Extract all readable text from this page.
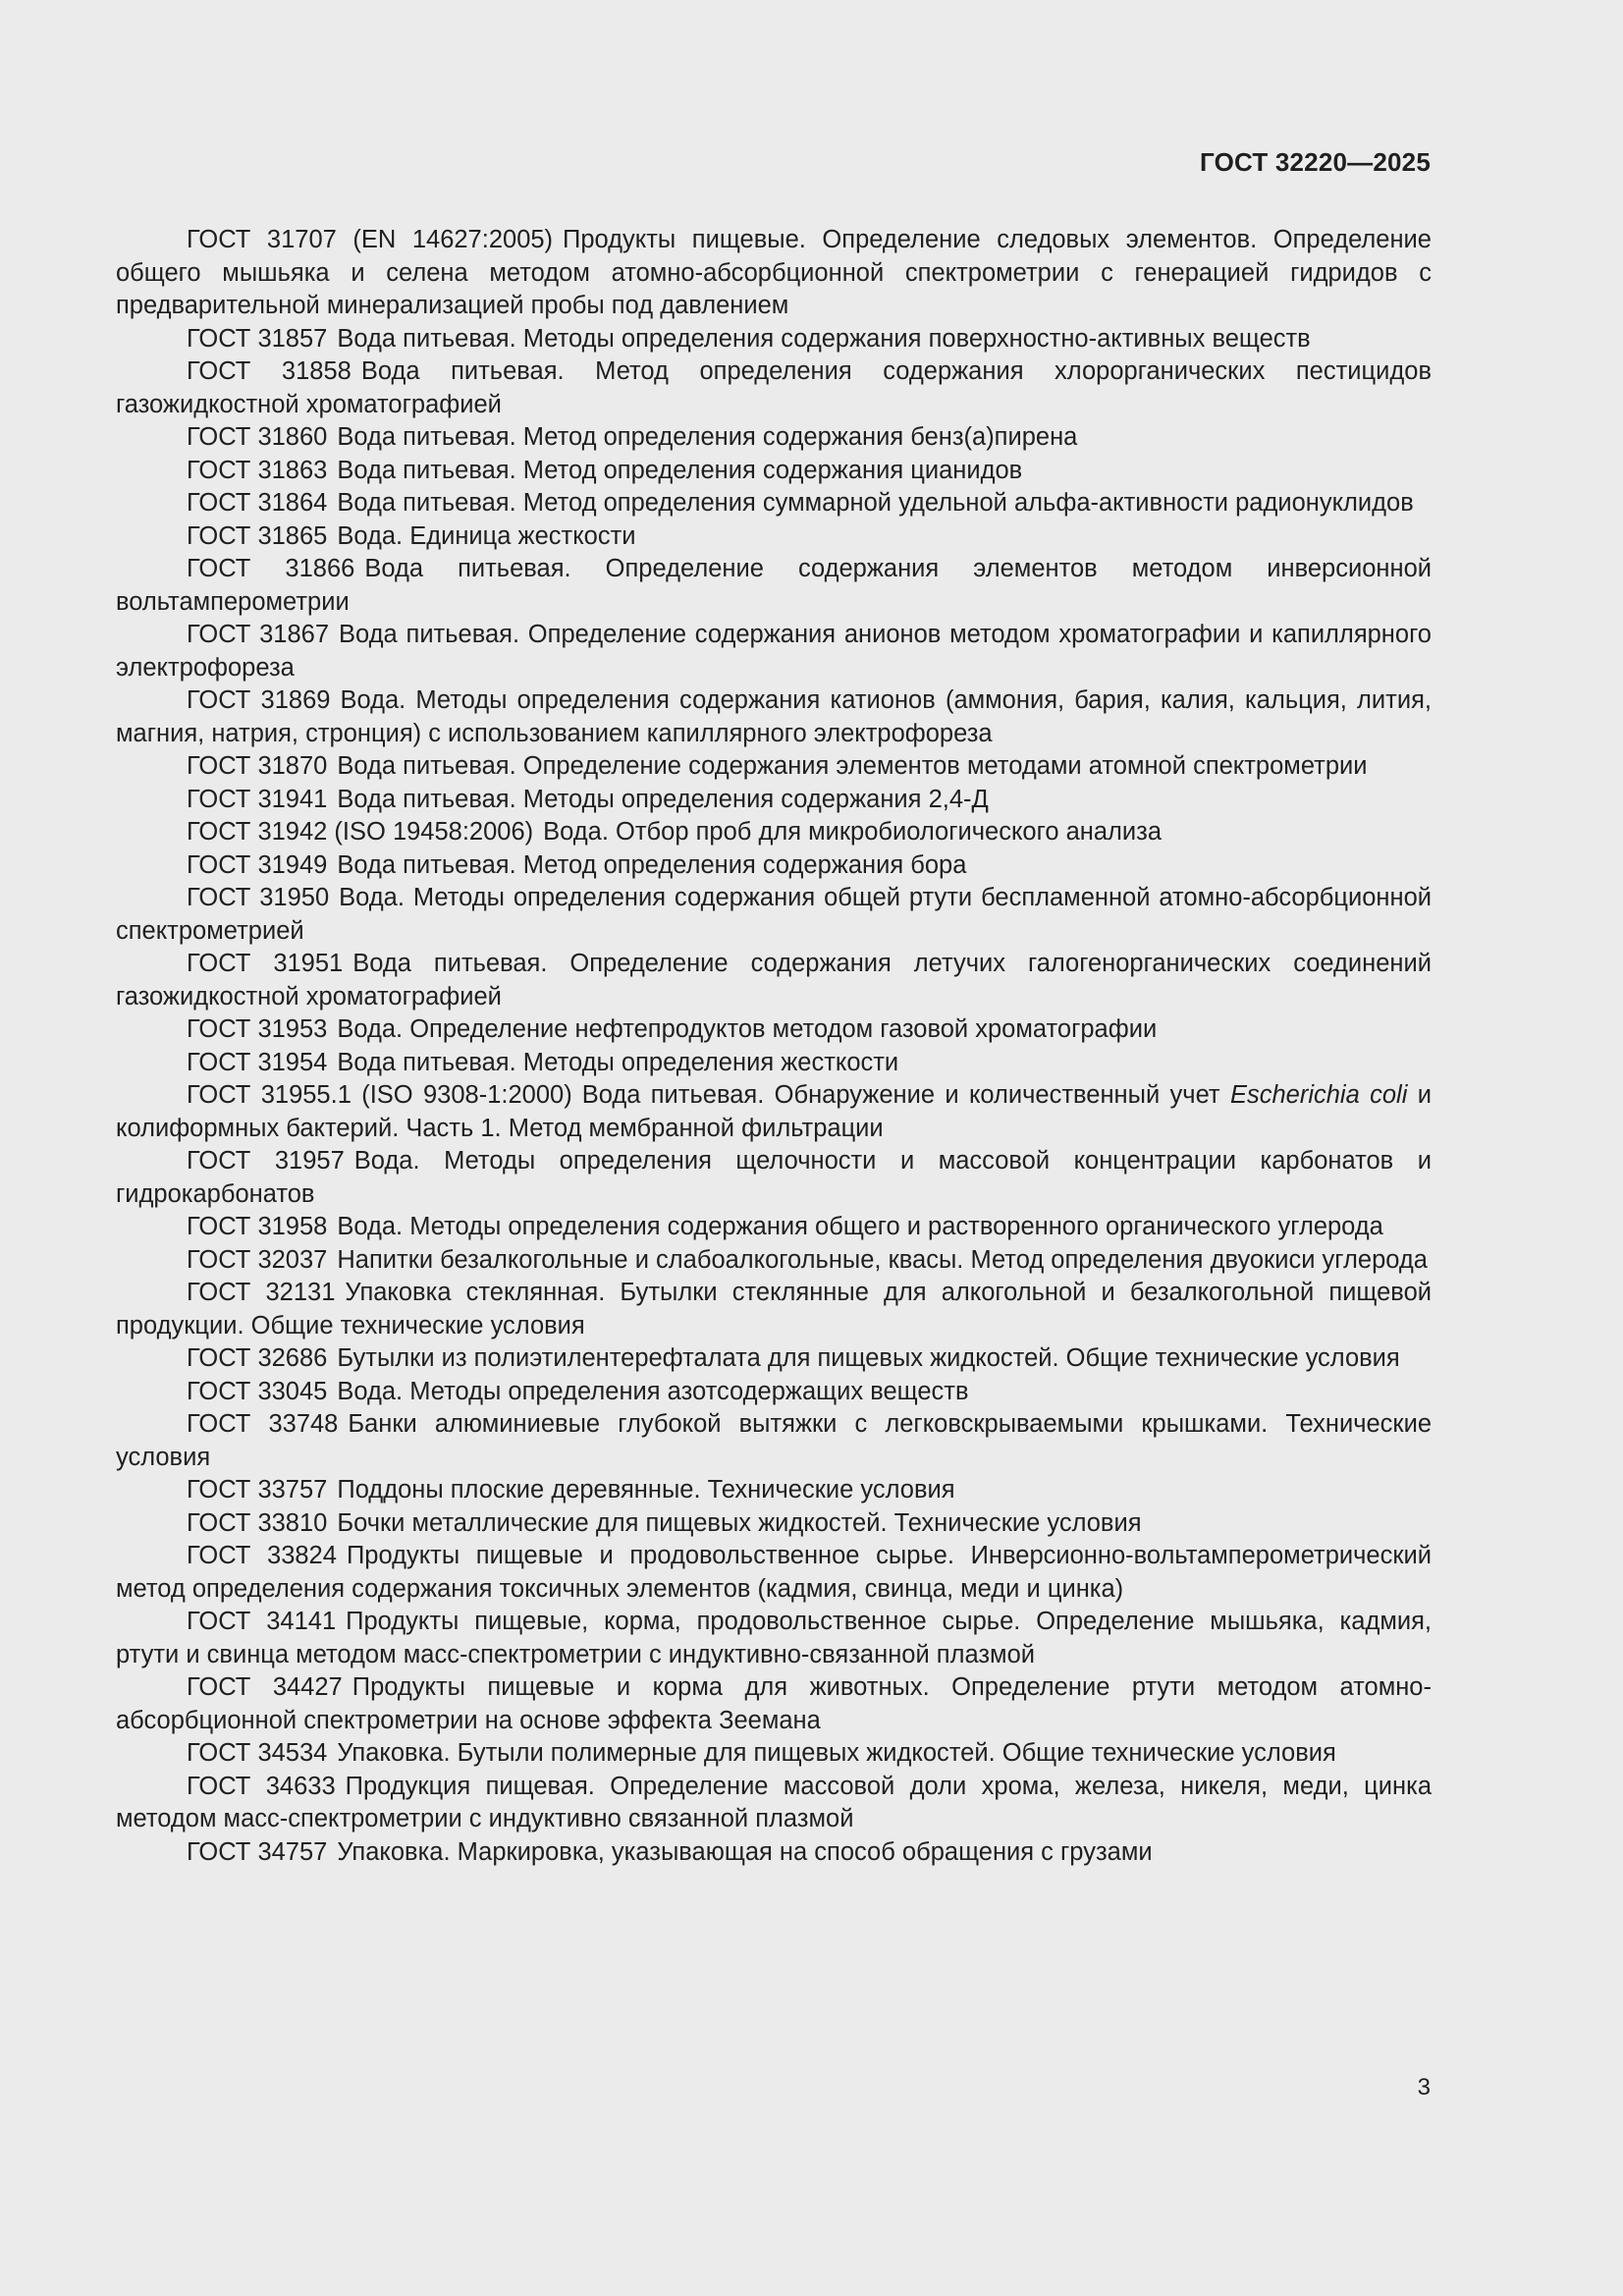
ГОСТ 32220—2025

ГОСТ 31707 (EN 14627:2005) Продукты пищевые. Определение следовых элементов. Определение общего мышьяка и селена методом атомно-абсорбционной спектрометрии с генерацией гидридов с предварительной минерализацией пробы под давлением

ГОСТ 31857 Вода питьевая. Методы определения содержания поверхностно-активных веществ

ГОСТ 31858 Вода питьевая. Метод определения содержания хлорорганических пестицидов газожидкостной хроматографией

ГОСТ 31860 Вода питьевая. Метод определения содержания бенз(а)пирена

ГОСТ 31863 Вода питьевая. Метод определения содержания цианидов

ГОСТ 31864 Вода питьевая. Метод определения суммарной удельной альфа-активности радионуклидов

ГОСТ 31865 Вода. Единица жесткости

ГОСТ 31866 Вода питьевая. Определение содержания элементов методом инверсионной вольтамперометрии

ГОСТ 31867 Вода питьевая. Определение содержания анионов методом хроматографии и капиллярного электрофореза

ГОСТ 31869 Вода. Методы определения содержания катионов (аммония, бария, калия, кальция, лития, магния, натрия, стронция) с использованием капиллярного электрофореза

ГОСТ 31870 Вода питьевая. Определение содержания элементов методами атомной спектрометрии

ГОСТ 31941 Вода питьевая. Методы определения содержания 2,4-Д

ГОСТ 31942 (ISO 19458:2006) Вода. Отбор проб для микробиологического анализа

ГОСТ 31949 Вода питьевая. Метод определения содержания бора

ГОСТ 31950 Вода. Методы определения содержания общей ртути беспламенной атомно-абсорбционной спектрометрией

ГОСТ 31951 Вода питьевая. Определение содержания летучих галогенорганических соединений газожидкостной хроматографией

ГОСТ 31953 Вода. Определение нефтепродуктов методом газовой хроматографии

ГОСТ 31954 Вода питьевая. Методы определения жесткости

ГОСТ 31955.1 (ISO 9308-1:2000) Вода питьевая. Обнаружение и количественный учет Escherichia coli и колиформных бактерий. Часть 1. Метод мембранной фильтрации

ГОСТ 31957 Вода. Методы определения щелочности и массовой концентрации карбонатов и гидрокарбонатов

ГОСТ 31958 Вода. Методы определения содержания общего и растворенного органического углерода

ГОСТ 32037 Напитки безалкогольные и слабоалкогольные, квасы. Метод определения двуокиси углерода

ГОСТ 32131 Упаковка стеклянная. Бутылки стеклянные для алкогольной и безалкогольной пищевой продукции. Общие технические условия

ГОСТ 32686 Бутылки из полиэтилентерефталата для пищевых жидкостей. Общие технические условия

ГОСТ 33045 Вода. Методы определения азотсодержащих веществ

ГОСТ 33748 Банки алюминиевые глубокой вытяжки с легковскрываемыми крышками. Технические условия

ГОСТ 33757 Поддоны плоские деревянные. Технические условия

ГОСТ 33810 Бочки металлические для пищевых жидкостей. Технические условия

ГОСТ 33824 Продукты пищевые и продовольственное сырье. Инверсионно-вольтамперометрический метод определения содержания токсичных элементов (кадмия, свинца, меди и цинка)

ГОСТ 34141 Продукты пищевые, корма, продовольственное сырье. Определение мышьяка, кадмия, ртути и свинца методом масс-спектрометрии с индуктивно-связанной плазмой

ГОСТ 34427 Продукты пищевые и корма для животных. Определение ртути методом атомно-абсорбционной спектрометрии на основе эффекта Зеемана

ГОСТ 34534 Упаковка. Бутыли полимерные для пищевых жидкостей. Общие технические условия

ГОСТ 34633 Продукция пищевая. Определение массовой доли хрома, железа, никеля, меди, цинка методом масс-спектрометрии с индуктивно связанной плазмой

ГОСТ 34757 Упаковка. Маркировка, указывающая на способ обращения с грузами

3
